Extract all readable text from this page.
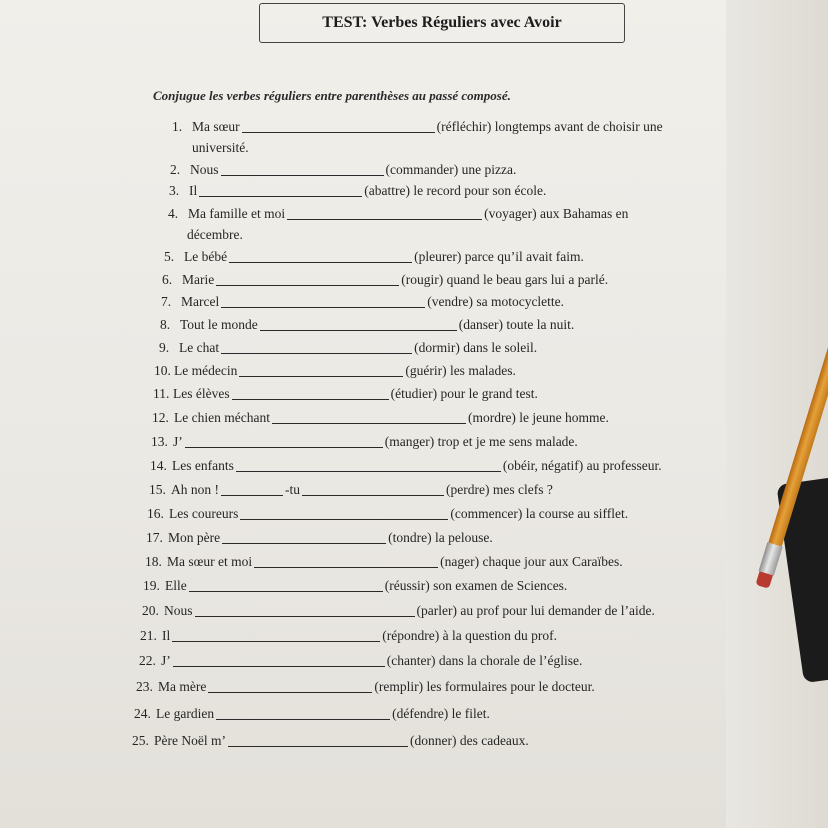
TEST: Verbes Réguliers avec Avoir
Conjugue les verbes réguliers entre parenthèses au passé composé.
1. Ma sœur	(réfléchir) longtemps avant de choisir une
université.
2. Nous	(commander) une pizza.
3. Il	(abattre) le record pour son école.
4. Ma famille et moi	(voyager) aux Bahamas en
décembre.
5. Le bébé	(pleurer) parce qu’il avait faim.
6. Marie	(rougir) quand le beau gars lui a parlé.
7. Marcel	(vendre) sa motocyclette.
8. Tout le monde	(danser) toute la nuit.
9. Le chat	(dormir) dans le soleil.
10. Le médecin	(guérir) les malades.
11. Les élèves	(étudier) pour le grand test.
12. Le chien méchant	(mordre) le jeune homme.
13. J’	(manger) trop et je me sens malade.
14. Les enfants	(obéir, négatif) au professeur.
15. Ah non !	-tu	(perdre) mes clefs ?
16. Les coureurs	(commencer) la course au sifflet.
17. Mon père	(tondre) la pelouse.
18. Ma sœur et moi	(nager) chaque jour aux Caraïbes.
19. Elle	(réussir) son examen de Sciences.
20. Nous	(parler) au prof pour lui demander de l’aide.
21. Il	(répondre) à la question du prof.
22. J’	(chanter) dans la chorale de l’église.
23. Ma mère	(remplir) les formulaires pour le docteur.
24. Le gardien	(défendre) le filet.
25. Père Noël m’	(donner) des cadeaux.
